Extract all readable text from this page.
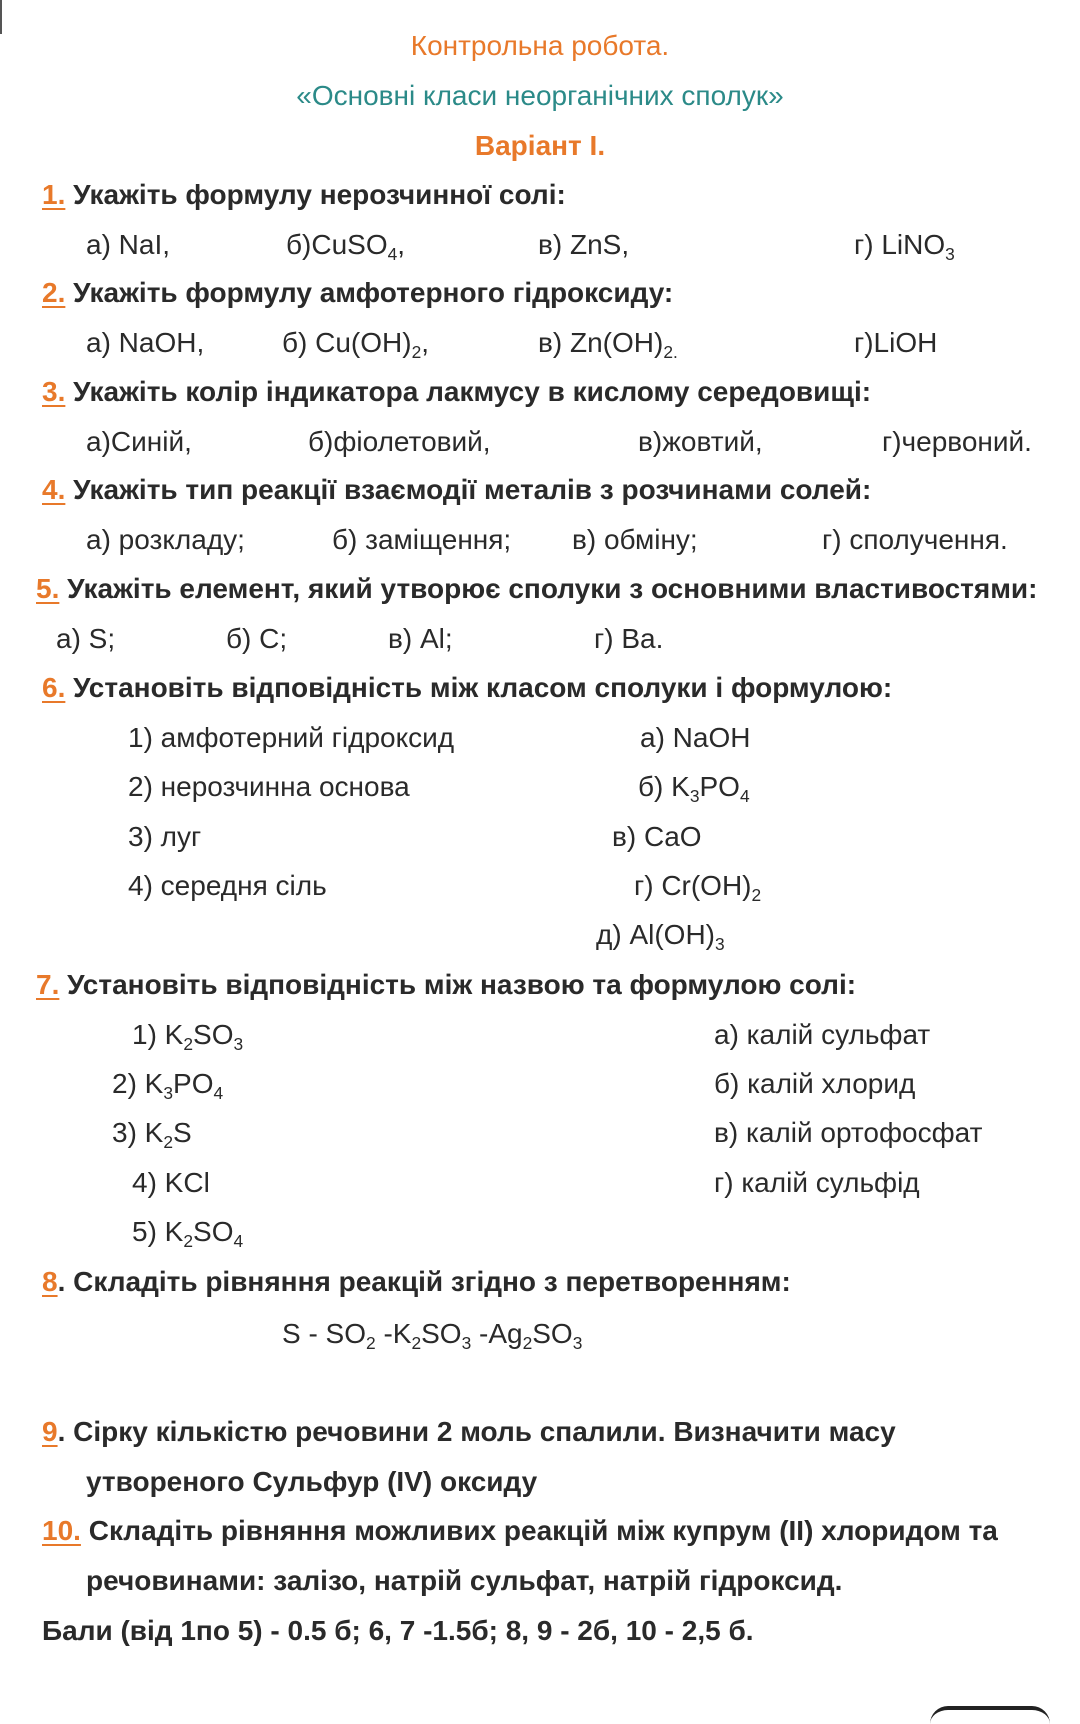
Контрольна робота.
«Основні класи неорганічних сполук»
Варіант І.
1. Укажіть формулу нерозчинної солі:
а) NaI,	б)CuSO$_4$,	в) ZnS,	г) LiNO$_3$
2. Укажіть формулу амфотерного гідроксиду:
а) NaOH,	б) $Cu(OH)_2$,	в) $Zn(OH)_{2.}$	г)LiOH
3. Укажіть колір індикатора лакмусу в кислому середовищі:
а)Синій,	б)фіолетовий,	в)жовтий,	г)червоний.
4. Укажіть тип реакції взаємодії металів з розчинами солей:
а) розкладу;	б) заміщення; в) обміну;	г) сполучення.
5. Укажіть елемент, який утворює сполуки з основними властивостями:
а) S;	б) С;	в) Al;	г) Ba.
6. Установіть відповідність між класом сполуки і формулою:
1) амфотерний гідроксид
2) нерозчинна основа
3) луг
4) середня сіль
а) NaOH
б) $K_3PO_4$
в) CaO
г) $Cr(OH)_2$
д) $Al(OH)_3$
7. Установіть відповідність між назвою та формулою солі:
1) $K_2SO_3$
2) $K_3PO_4$
3) $K_2S$
4) KCl
5) $K_2SO_4$
а) калій сульфат
б) калій хлорид
в) калій ортофосфат
г) калій сульфід
8. Складіть рівняння реакцій згідно з перетворенням:
S - $SO_2$ $-K_2SO_3$ $-Ag_2SO_3$
9. Сірку кількістю речовини 2 моль спалили. Визначити масу
утвореного Сульфур (IV) оксиду
10. Складіть рівняння можливих реакцій між купрум (II) хлоридом та
речовинами: залізо, натрій сульфат, натрій гідроксид.
Бали (від 1по 5) - 0.5 б; 6, 7 -1.5б; 8, 9 - 2б, 10 - 2,5 б.
